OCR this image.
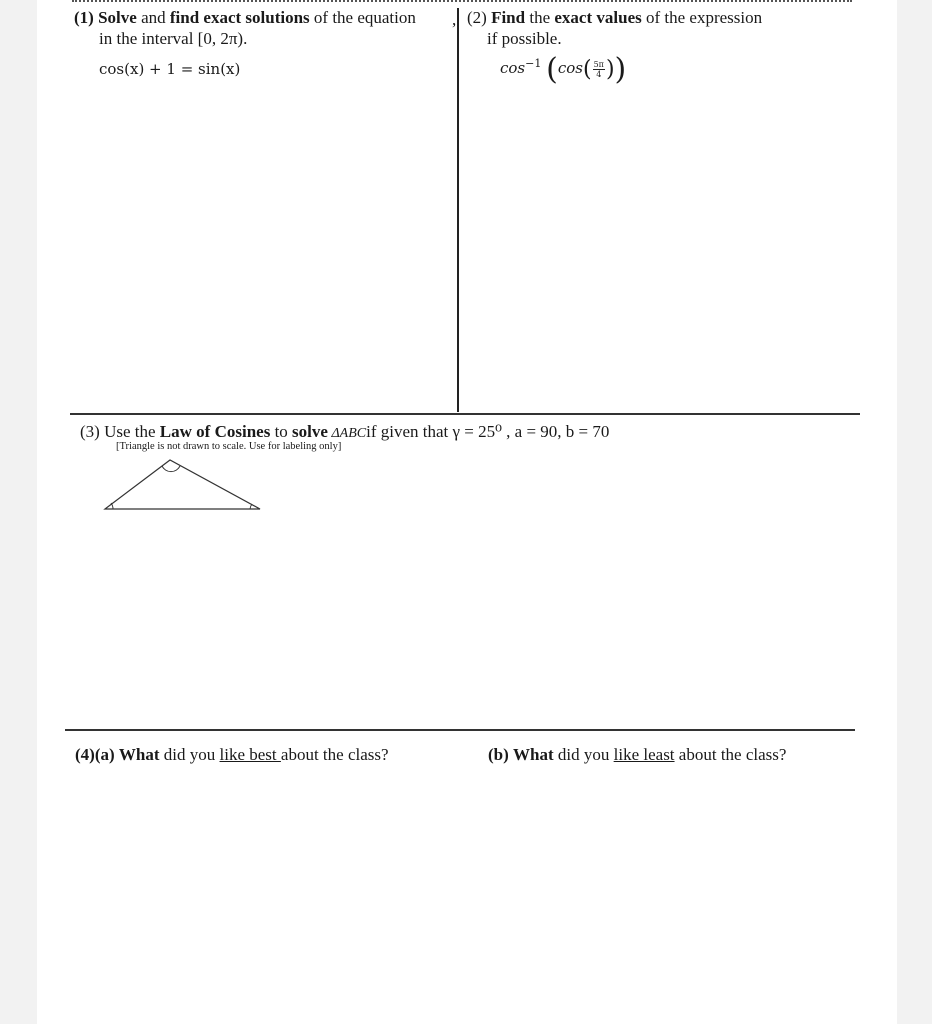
(1) Solve and find exact solutions of the equation
in the interval [0, 2π).
cos(x) + 1 = sin(x)
, (2) Find the exact values of the expression
if possible.
$\cos^{-1} (\cos( \frac{5\pi}{4}$ ))
(3) Use the Law of Cosines to solve ΔABCif given that γ = 25⁰ , a = 90, b = 70
[Triangle is not drawn to scale. Use for labeling only]
(4)(a) What did you like best about the class?	(b) What did you like least about the class?
